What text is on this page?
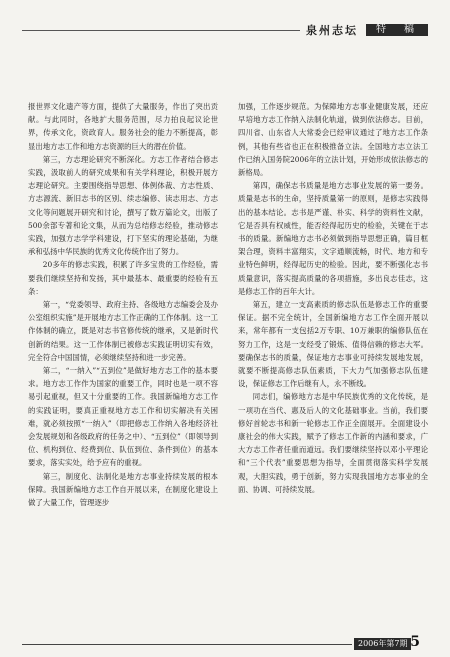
泉州志坛	特　稿

报世界文化遗产等方面，提供了大量服务，作出了突出贡献。与此同时，各地扩大服务范围，尽力拍良起议论世界，传承文化，资政育人。服务社会的能力不断提高，彰显出地方志工作和地方志资源的巨大的潜在价值。

第三，方志理论研究不断深化。方志工作者结合修志实践，汲取前人的研究成果和有关学科理论，积极开展方志理论研究。主要围绕指导思想、体例体裁、方志性质、方志源流、新旧志书的区别、续志编修、读志用志、方志文化等问题展开研究和讨论，撰写了数万篇论文，出版了500余部专著和论文集，从而为总结修志经验，推动修志实践，加强方志学学科建设，打下坚实的理论基础，为继承和弘扬中华民族的优秀文化传统作出了努力。

20多年的修志实践，积累了许多宝贵的工作经验，需要我们继续坚持和发扬，其中最基本、最重要的经验有五条：

第一，“党委领导、政府主持、各级地方志编委会及办公室组织实施”是开展地方志工作正确的工作体制。这一工作体制的确立，既是对志书官修传统的继承，又是新时代创新的结果。这一工作体制已被修志实践证明切实有效，完全符合中国国情，必须继续坚持和进一步完善。

第二，“一纳入”“五到位”是做好地方志工作的基本要求。地方志工作作为国家的重要工作，同时也是一项不容易引起重视，但又十分重要的工作。我国新编地方志工作的实践证明，要真正重视地方志工作和切实解决有关困难，就必须按照“一纳入”（即把修志工作纳入各地经济社会发展规划和各级政府的任务之中）、“五到位”（即领导到位、机构到位、经费到位、队伍到位、条件到位）的基本要求，落实实处，给予应有的重视。

第三，制度化、法制化是地方志事业持续发展的根本保障。我国新编地方志工作自开展以来，在制度化建设上做了大量工作，管理逐步

加强，工作逐步规范。为保障地方志事业健康发展，还应早培地方志工作纳入法制化轨道，做到依法修志。目前，四川省、山东省人大常委会已经审议通过了地方志工作条例，其他有些省也正在积极推备立法。全国地方志立法工作已纳入国务院2006年的立法计划，开始形成依法修志的新格局。

第四，确保志书质量是地方志事业发展的第一要务。质量是志书的生命，坚持质量第一的原则，是修志实践得出的基本结论。志书是严谨、朴实、科学的资料性文献，它是否具有权威性，能否经得起历史的检验，关键在于志书的质量。新编地方志书必须做到指导思想正确，篇目框架合理，资料丰富翔实，文字通顺流畅，时代、地方和专业特色鲜明，经得起历史的检验。因此，要不断强化志书质量意识，落实提高质量的各项措施，多出良志佳志，这是修志工作的百年大计。

第五，建立一支高素质的修志队伍是修志工作的重要保证。据不完全统计，全国新编地方志工作全面开展以来，常年都有一支包括2万专职、10万兼职的编修队伍在努力工作，这是一支经受了锻炼、值得信赖的修志大军。要确保志书的质量，保证地方志事业可持续发展地发展，就要不断提高修志队伍素质，下大力气加强修志队伍建设，保证修志工作后继有人，永不断线。

同志们，编修地方志是中华民族优秀的文化传统，是一项功在当代、惠及后人的文化基础事业。当前，我们要修好首轮志书和新一轮修志工作正全面展开。全面建设小康社会的伟大实践，赋予了修志工作新的内涵和要求，广大方志工作者任重而道远。我们要继续坚持以邓小平理论和“三个代表”重要思想为指导，全面贯彻落实科学发展观，大胆实践，勇于创新，努力实现我国地方志事业的全面、协调、可持续发展。

2006年第7期 5
